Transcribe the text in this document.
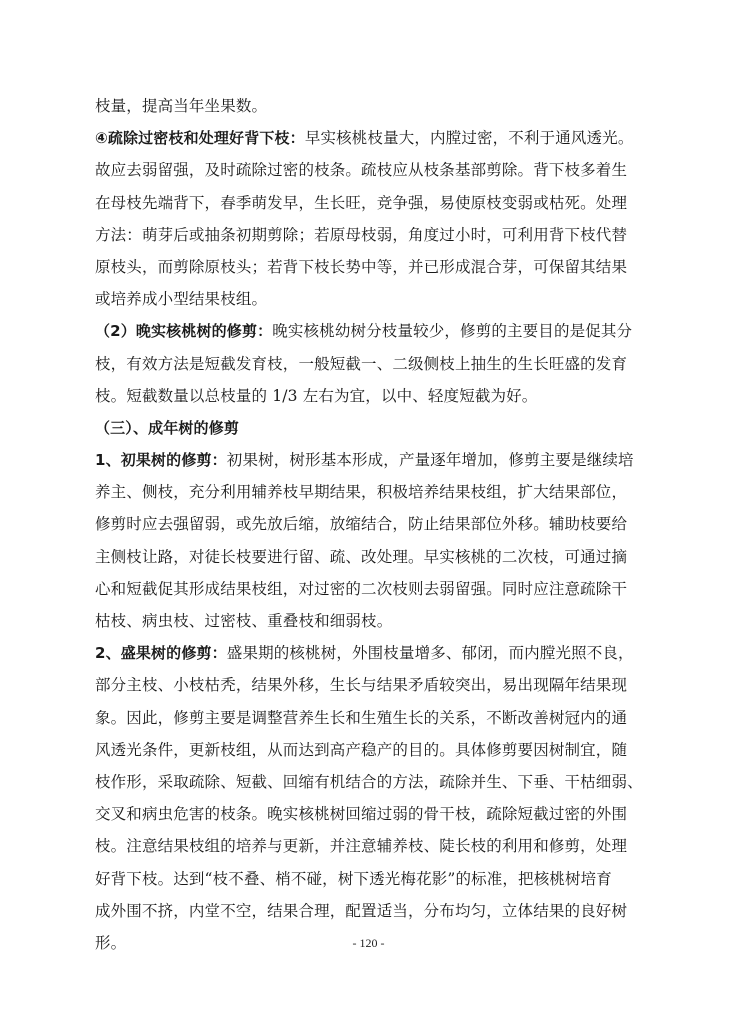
枝量，提高当年坐果数。
④疏除过密枝和处理好背下枝：早实核桃枝量大，内膛过密，不利于通风透光。
故应去弱留强，及时疏除过密的枝条。疏枝应从枝条基部剪除。背下枝多着生
在母枝先端背下，春季萌发早，生长旺，竞争强，易使原枝变弱或枯死。处理
方法：萌芽后或抽条初期剪除；若原母枝弱，角度过小时，可利用背下枝代替
原枝头，而剪除原枝头；若背下枝长势中等，并已形成混合芽，可保留其结果
或培养成小型结果枝组。
（2）晚实核桃树的修剪：晚实核桃幼树分枝量较少，修剪的主要目的是促其分
枝，有效方法是短截发育枝，一般短截一、二级侧枝上抽生的生长旺盛的发育
枝。短截数量以总枝量的 1/3 左右为宜，以中、轻度短截为好。
（三）、成年树的修剪
1、初果树的修剪：初果树，树形基本形成，产量逐年增加，修剪主要是继续培
养主、侧枝，充分利用辅养枝早期结果，积极培养结果枝组，扩大结果部位，
修剪时应去强留弱，或先放后缩，放缩结合，防止结果部位外移。辅助枝要给
主侧枝让路，对徒长枝要进行留、疏、改处理。早实核桃的二次枝，可通过摘
心和短截促其形成结果枝组，对过密的二次枝则去弱留强。同时应注意疏除干
枯枝、病虫枝、过密枝、重叠枝和细弱枝。
2、盛果树的修剪：盛果期的核桃树，外围枝量增多、郁闭，而内膛光照不良，
部分主枝、小枝枯秃，结果外移，生长与结果矛盾较突出，易出现隔年结果现
象。因此，修剪主要是调整营养生长和生殖生长的关系，不断改善树冠内的通
风透光条件，更新枝组，从而达到高产稳产的目的。具体修剪要因树制宜，随
枝作形，采取疏除、短截、回缩有机结合的方法，疏除并生、下垂、干枯细弱、
交叉和病虫危害的枝条。晚实核桃树回缩过弱的骨干枝，疏除短截过密的外围
枝。注意结果枝组的培养与更新，并注意辅养枝、陡长枝的利用和修剪，处理
好背下枝。达到“枝不叠、梢不碰，树下透光梅花影”的标准，把核桃树培育
成外围不挤，内堂不空，结果合理，配置适当，分布均匀，立体结果的良好树
形。	- 120 -
